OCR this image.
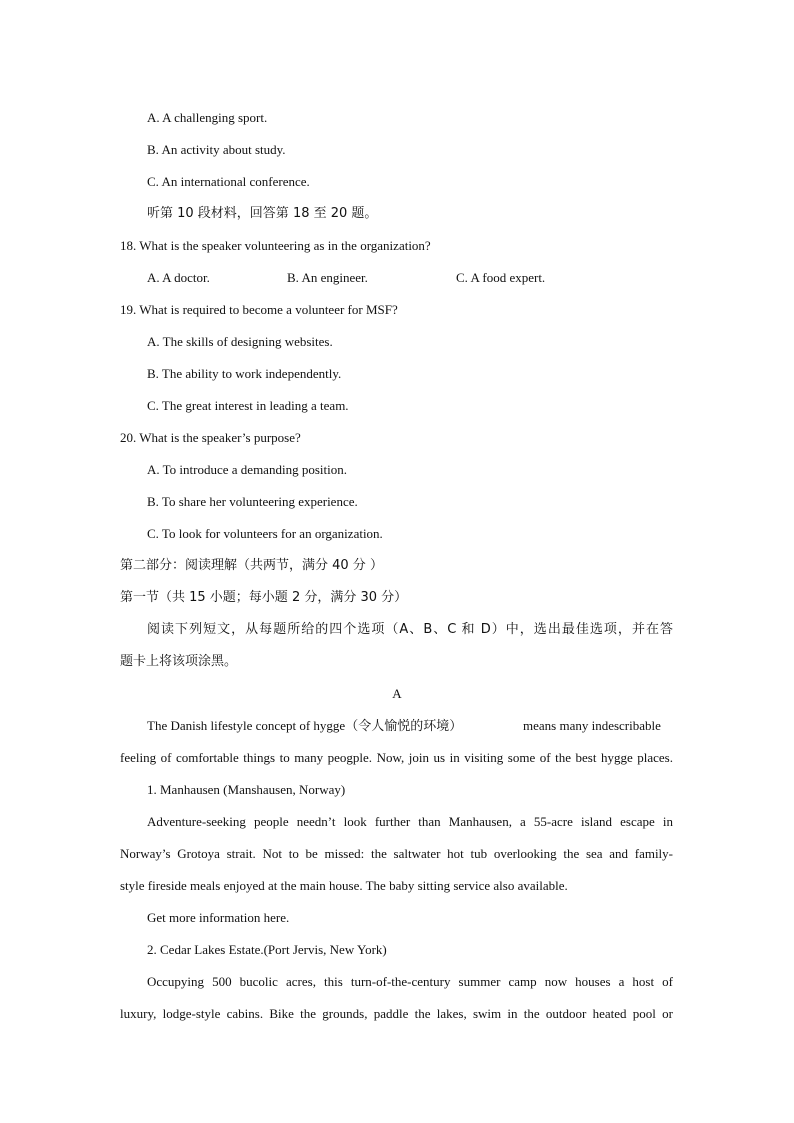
A. A challenging sport.
B. An activity about study.
C. An international conference.
听第 10 段材料，回答第 18 至 20 题。
18. What is the speaker volunteering as in the organization?
A. A doctor.	B. An engineer.	C. A food expert.
19. What is required to become a volunteer for MSF?
A. The skills of designing websites.
B. The ability to work independently.
C. The great interest in leading a team.
20. What is the speaker’s purpose?
A. To introduce a demanding position.
B. To share her volunteering experience.
C. To look for volunteers for an organization.
第二部分：阅读理解（共两节，满分 40 分 ）
第一节（共 15 小题；每小题 2 分，满分 30 分）
阅读下列短文，从每题所给的四个选项（A、B、C 和 D）中，选出最佳选项，并在答
题卡上将该项涂黑。
A
The Danish lifestyle concept of hygge（令人愉悦的环境）	means many indescribable
feeling of comfortable things to many peogple. Now, join us in visiting some of the best hygge places.
1. Manhausen (Manshausen, Norway)
Adventure-seeking people needn’t look further than Manhausen, a 55-acre island escape in
Norway’s Grotoya strait. Not to be missed: the saltwater hot tub overlooking the sea and family-
style fireside meals enjoyed at the main house. The baby sitting service also available.
Get more information here.
2. Cedar Lakes Estate.(Port Jervis, New York)
Occupying 500 bucolic acres, this turn-of-the-century summer camp now houses a host of
luxury, lodge-style cabins. Bike the grounds, paddle the lakes, swim in the outdoor heated pool or
